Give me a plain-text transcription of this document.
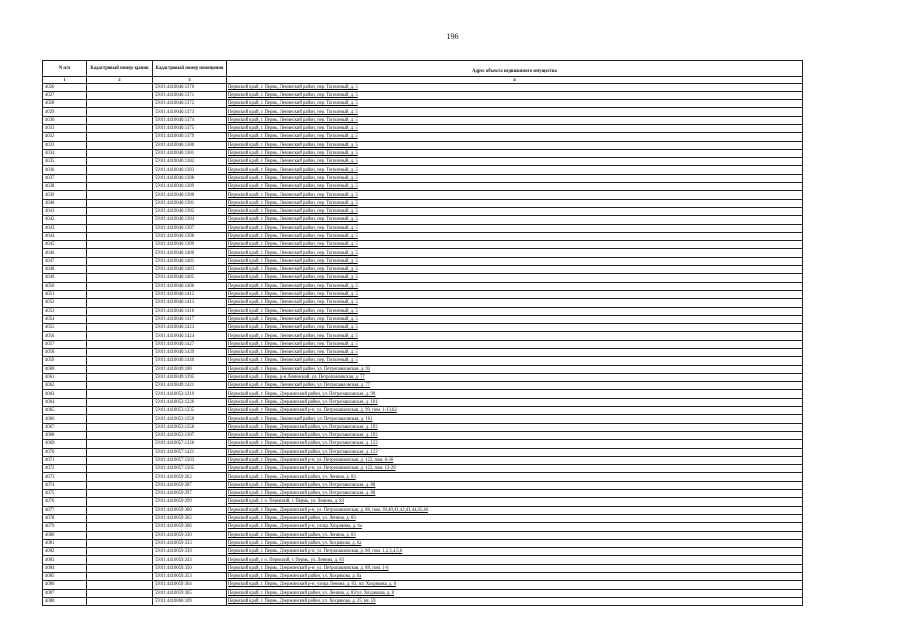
196
N п/п	Кадастровый номер здания	Кадастровый номер помещения	Адрес объекта недвижимого имущества
1	2	3	4
4026		59:01:4410046:1370	Пермский край, г. Пермь, Ленинский район, пер. Тополевый, д. 5
4027		59:01:4410046:1371	Пермский край, г. Пермь, Ленинский район, пер. Тополевый, д. 5
4028		59:01:4410046:1372	Пермский край, г. Пермь, Ленинский район, пер. Тополевый, д. 5
4029		59:01:4410046:1373	Пермский край, г. Пермь, Ленинский район, пер. Тополевый, д. 5
4030		59:01:4410046:1374	Пермский край, г. Пермь, Ленинский район, пер. Тополевый, д. 5
4031		59:01:4410046:1375	Пермский край, г. Пермь, Ленинский район, пер. Тополевый, д. 5
4032		59:01:4410046:1379	Пермский край, г. Пермь, Ленинский район, пер. Тополевый, д. 5
4033		59:01:4410046:1380	Пермский край, г. Пермь, Ленинский район, пер. Тополевый, д. 5
4034		59:01:4410046:1381	Пермский край, г. Пермь, Ленинский район, пер. Тополевый, д. 5
4035		59:01:4410046:1382	Пермский край, г. Пермь, Ленинский район, пер. Тополевый, д. 5
4036		59:01:4410046:1383	Пермский край, г. Пермь, Ленинский район, пер. Тополевый, д. 5
4037		59:01:4410046:1388	Пермский край, г. Пермь, Ленинский район, пер. Тополевый, д. 5
4038		59:01:4410046:1389	Пермский край, г. Пермь, Ленинский район, пер. Тополевый, д. 5
4039		59:01:4410046:1390	Пермский край, г. Пермь, Ленинский район, пер. Тополевый, д. 5
4040		59:01:4410046:1391	Пермский край, г. Пермь, Ленинский район, пер. Тополевый, д. 5
4041		59:01:4410046:1392	Пермский край, г. Пермь, Ленинский район, пер. Тополевый, д. 5
4042		59:01:4410046:1394	Пермский край, г. Пермь, Ленинский район, пер. Тополевый, д. 5
4043		59:01:4410046:1397	Пермский край, г. Пермь, Ленинский район, пер. Тополевый, д. 5
4044		59:01:4410046:1398	Пермский край, г. Пермь, Ленинский район, пер. Тополевый, д. 5
4045		59:01:4410046:1399	Пермский край, г. Пермь, Ленинский район, пер. Тополевый, д. 5
4046		59:01:4410046:1400	Пермский край, г. Пермь, Ленинский район, пер. Тополевый, д. 5
4047		59:01:4410046:1401	Пермский край, г. Пермь, Ленинский район, пер. Тополевый, д. 5
4048		59:01:4410046:1403	Пермский край, г. Пермь, Ленинский район, пер. Тополевый, д. 5
4049		59:01:4410046:1405	Пермский край, г. Пермь, Ленинский район, пер. Тополевый, д. 5
4050		59:01:4410046:1406	Пермский край, г. Пермь, Ленинский район, пер. Тополевый, д. 5
4051		59:01:4410046:1412	Пермский край, г. Пермь, Ленинский район, пер. Тополевый, д. 5
4052		59:01:4410046:1413	Пермский край, г. Пермь, Ленинский район, пер. Тополевый, д. 5
4053		59:01:4410046:1416	Пермский край, г. Пермь, Ленинский район, пер. Тополевый, д. 5
4054		59:01:4410046:1417	Пермский край, г. Пермь, Ленинский район, пер. Тополевый, д. 5
4055		59:01:4410046:1423	Пермский край, г. Пермь, Ленинский район, пер. Тополевый, д. 5
4056		59:01:4410046:1424	Пермский край, г. Пермь, Ленинский район, пер. Тополевый, д. 5
4057		59:01:4410046:1427	Пермский край, г. Пермь, Ленинский район, пер. Тополевый, д. 5
4058		59:01:4410046:1439	Пермский край, г. Пермь, Ленинский район, пер. Тополевый, д. 5
4059		59:01:4410046:1440	Пермский край, г. Пермь, Ленинский район, пер. Тополевый, д. 5
4060		59:01:4410049:108	Пермский край, г. Пермь, Ленинский район, ул. Петропавловская, д. 93
4061		59:01:4410049:1395	Пермский край, г. Пермь, р-н Ленинский, ул. Петропавловская, д. 77
4062		59:01:4410049:1421	Пермский край, г. Пермь, Ленинский район, ул. Петропавловская, д. 77
4063		59:01:4410053:1219	Пермский край, г. Пермь, Дзержинский район, ул. Петропавловская, д. 99
4064		59:01:4410053:1226	Пермский край, г. Пермь, Дзержинский район, ул. Петропавловская, д. 101
4065		59:01:4410053:1235	Пермский край, г. Пермь, Дзержинский р-н, ул. Петропавловская, д. 99, пом. 1-13,62
4066		59:01:4410053:1250	Пермский край, г. Пермь, Ленинский район, ул. Петропавловская, д. 101
4067		59:01:4410053:1256	Пермский край, г. Пермь, Дзержинский район, ул. Петропавловская, д. 103
4068		59:01:4410053:1307	Пермский край, г. Пермь, Дзержинский район, ул. Петропавловская, д. 103
4069		59:01:4410057:1326	Пермский край, г. Пермь, Дзержинский район, ул. Петропавловская, д. 123
4070		59:01:4410057:1421	Пермский край, г. Пермь, Дзержинский район, ул. Петропавловская, д. 123
4071		59:01:4410057:1503	Пермский край, г. Пермь, Дзержинский р-н, ул. Петропавловская, д. 123, пом. 6-30
4072		59:01:4410057:1505	Пермский край, г. Пермь, Дзержинский р-н, ул. Петропавловская, д. 123, пом. 12-29
4073		59:01:4410059:262	Пермский край, г. Пермь, Дзержинский район, ул. Ленина, д. 83
4074		59:01:4410059:287	Пермский край, г. Пермь, Дзержинский район, ул. Петропавловская, д. 88
4075		59:01:4410059:297	Пермский край, г. Пермь, Дзержинский район, ул. Петропавловская, д. 88
4076		59:01:4410059:299	Пермский край, г. о. Пермский, г. Пермь, ул. Ленина, д. 83
4077		59:01:4410059:300	Пермский край, г. Пермь, Дзержинский р-н, ул. Петропавловская, д. 88, пом. 39,40,41,42,43,44,45,46
4078		59:01:4410059:302	Пермский край, г. Пермь, Дзержинский район, ул. Ленина, д. 83
4079		59:01:4410059:306	Пермский край, г. Пермь, Дзержинский р-н, улица Хохрякова, д. 6а
4080		59:01:4410059:330	Пермский край, г. Пермь, Дзержинский район, ул. Ленина, д. 83
4081		59:01:4410059:333	Пермский край, г. Пермь, Дзержинский район, ул. Хохрякова, д. 6а
4082		59:01:4410059:339	Пермский край, г. Пермь, Дзержинский р-н, ул. Петропавловская, д. 88, пом. 1,2,3,4,5,6
4083		59:01:4410059:343	Пермский край, г. о. Пермский, г. Пермь, ул. Ленина, д. 83
4084		59:01:4410059:350	Пермский край, г. Пермь, Дзержинский р-н, ул. Петропавловская, д. 88, пом. 1-6
4085		59:01:4410059:353	Пермский край, г. Пермь, Дзержинский район, ул. Хохрякова, д. 6а
4086		59:01:4410059:364	Пермский край, г. Пермь, Дзержинский р-н, улица Ленина, д. 83, пл. Хохрякова, д. 8
4087		59:01:4410059:365	Пермский край, г. Пермь, Дзержинский район, ул. Ленина, д. 83/ул. Хохрякова, д. 8
4088		59:01:4410060:109	Пермский край, г. Пермь, Дзержинский район, ул. Хохрякова, д. 25, кв. 59
